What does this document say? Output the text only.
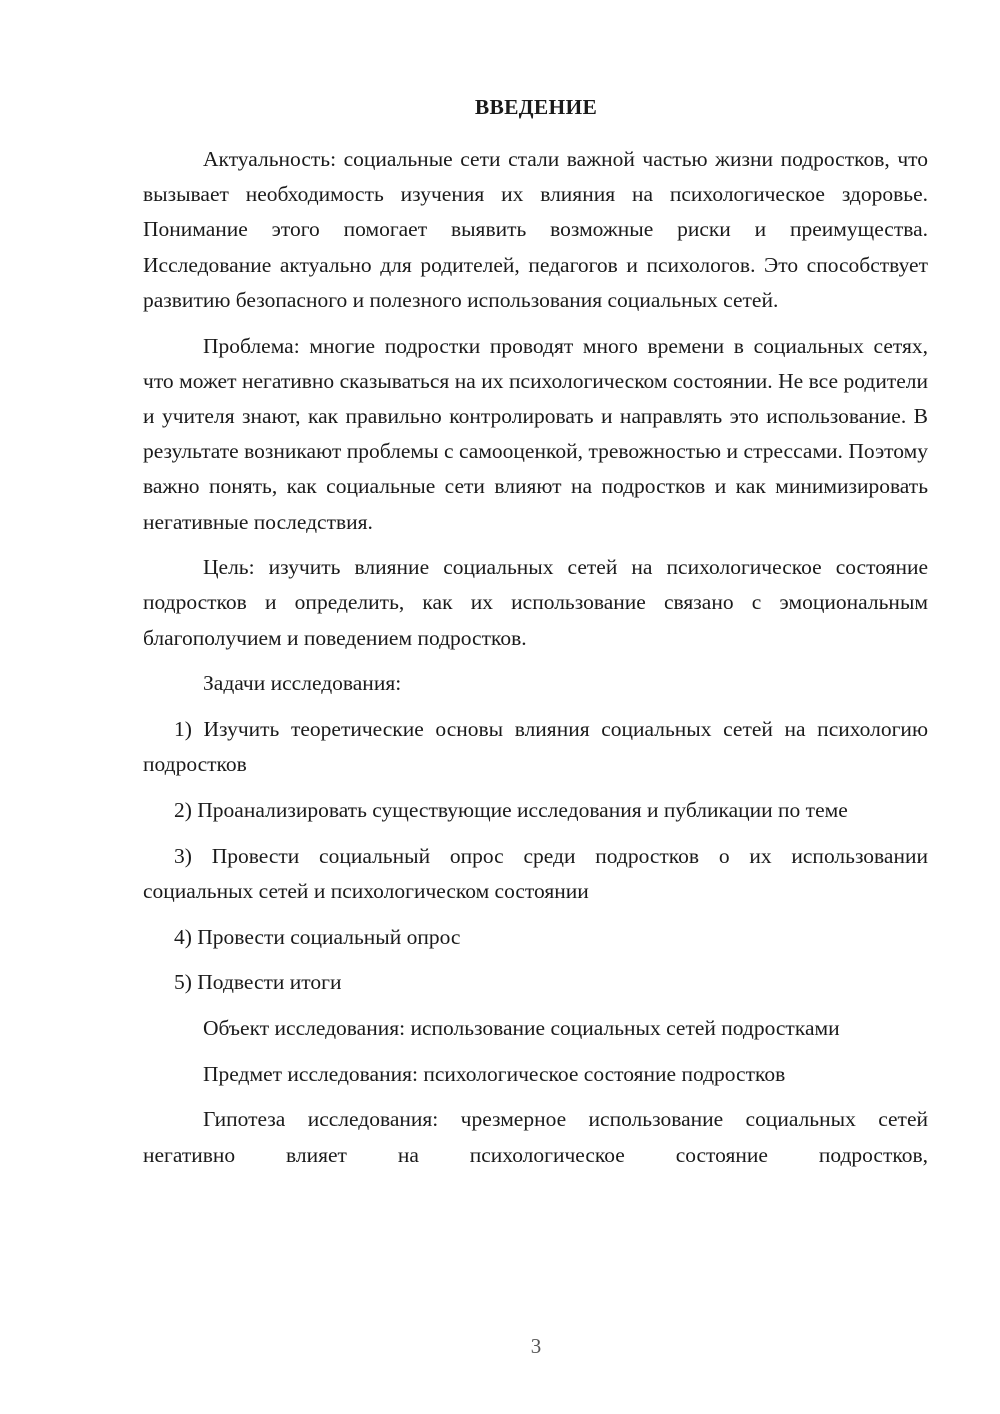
ВВЕДЕНИЕ

Актуальность: социальные сети стали важной частью жизни подростков, что вызывает необходимость изучения их влияния на психологическое здоровье. Понимание этого помогает выявить возможные риски и преимущества. Исследование актуально для родителей, педагогов и психологов. Это способствует развитию безопасного и полезного использования социальных сетей.

Проблема: многие подростки проводят много времени в социальных сетях, что может негативно сказываться на их психологическом состоянии. Не все родители и учителя знают, как правильно контролировать и направлять это использование. В результате возникают проблемы с самооценкой, тревожностью и стрессами. Поэтому важно понять, как социальные сети влияют на подростков и как минимизировать негативные последствия.

Цель: изучить влияние социальных сетей на психологическое состояние подростков и определить, как их использование связано с эмоциональным благополучием и поведением подростков.

Задачи исследования:

1) Изучить теоретические основы влияния социальных сетей на психологию подростков

2) Проанализировать существующие исследования и публикации по теме

3) Провести социальный опрос среди подростков о их использовании социальных сетей и психологическом состоянии

4) Провести социальный опрос

5) Подвести итоги

Объект исследования: использование социальных сетей подростками

Предмет исследования: психологическое состояние подростков

Гипотеза исследования: чрезмерное использование социальных сетей негативно влияет на психологическое состояние подростков,

3
